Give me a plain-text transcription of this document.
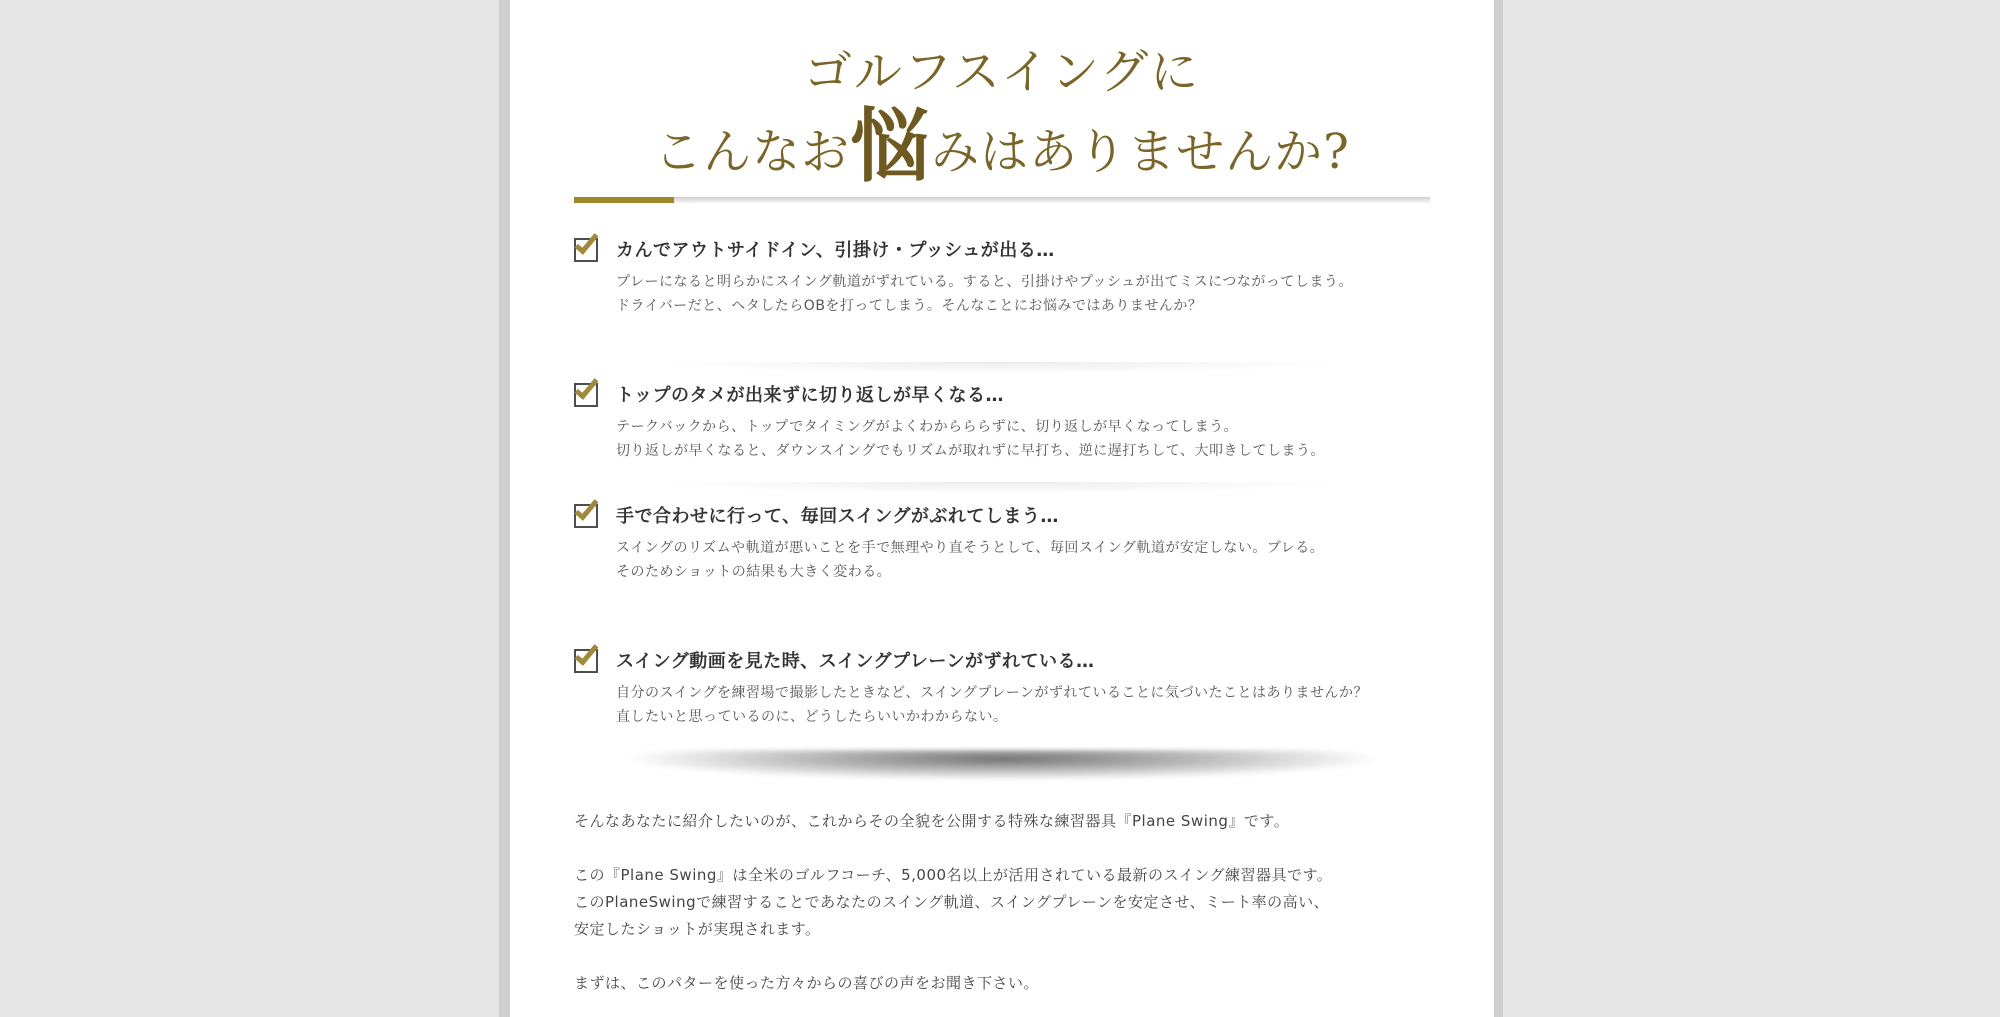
ゴルフスイングに
こんなお悩みはありませんか?
カんでアウトサイドイン、引掛け・プッシュが出る…
プレーになると明らかにスイング軌道がずれている。すると、引掛けやプッシュが出てミスにつながってしまう。
ドライバーだと、ヘタしたらOBを打ってしまう。そんなことにお悩みではありませんか？
トップのタメが出来ずに切り返しが早くなる…
テークバックから、トップでタイミングがよくわからららずに、切り返しが早くなってしまう。
切り返しが早くなると、ダウンスイングでもリズムが取れずに早打ち、逆に遅打ちして、大叩きしてしまう。
手で合わせに行って、毎回スイングがぶれてしまう…
スイングのリズムや軌道が悪いことを手で無理やり直そうとして、毎回スイング軌道が安定しない。ブレる。
そのためショットの結果も大きく変わる。
スイング動画を見た時、スイングプレーンがずれている…
自分のスイングを練習場で撮影したときなど、スイングプレーンがずれていることに気づいたことはありませんか？
直したいと思っているのに、どうしたらいいかわからない。
そんなあなたに紹介したいのが、これからその全貌を公開する特殊な練習器具『Plane Swing』です。
この『Plane Swing』は全米のゴルフコーチ、5,000名以上が活用されている最新のスイング練習器具です。
このPlaneSwingで練習することであなたのスイング軌道、スイングプレーンを安定させ、ミート率の高い、
安定したショットが実現されます。
まずは、このパターを使った方々からの喜びの声をお聞き下さい。
